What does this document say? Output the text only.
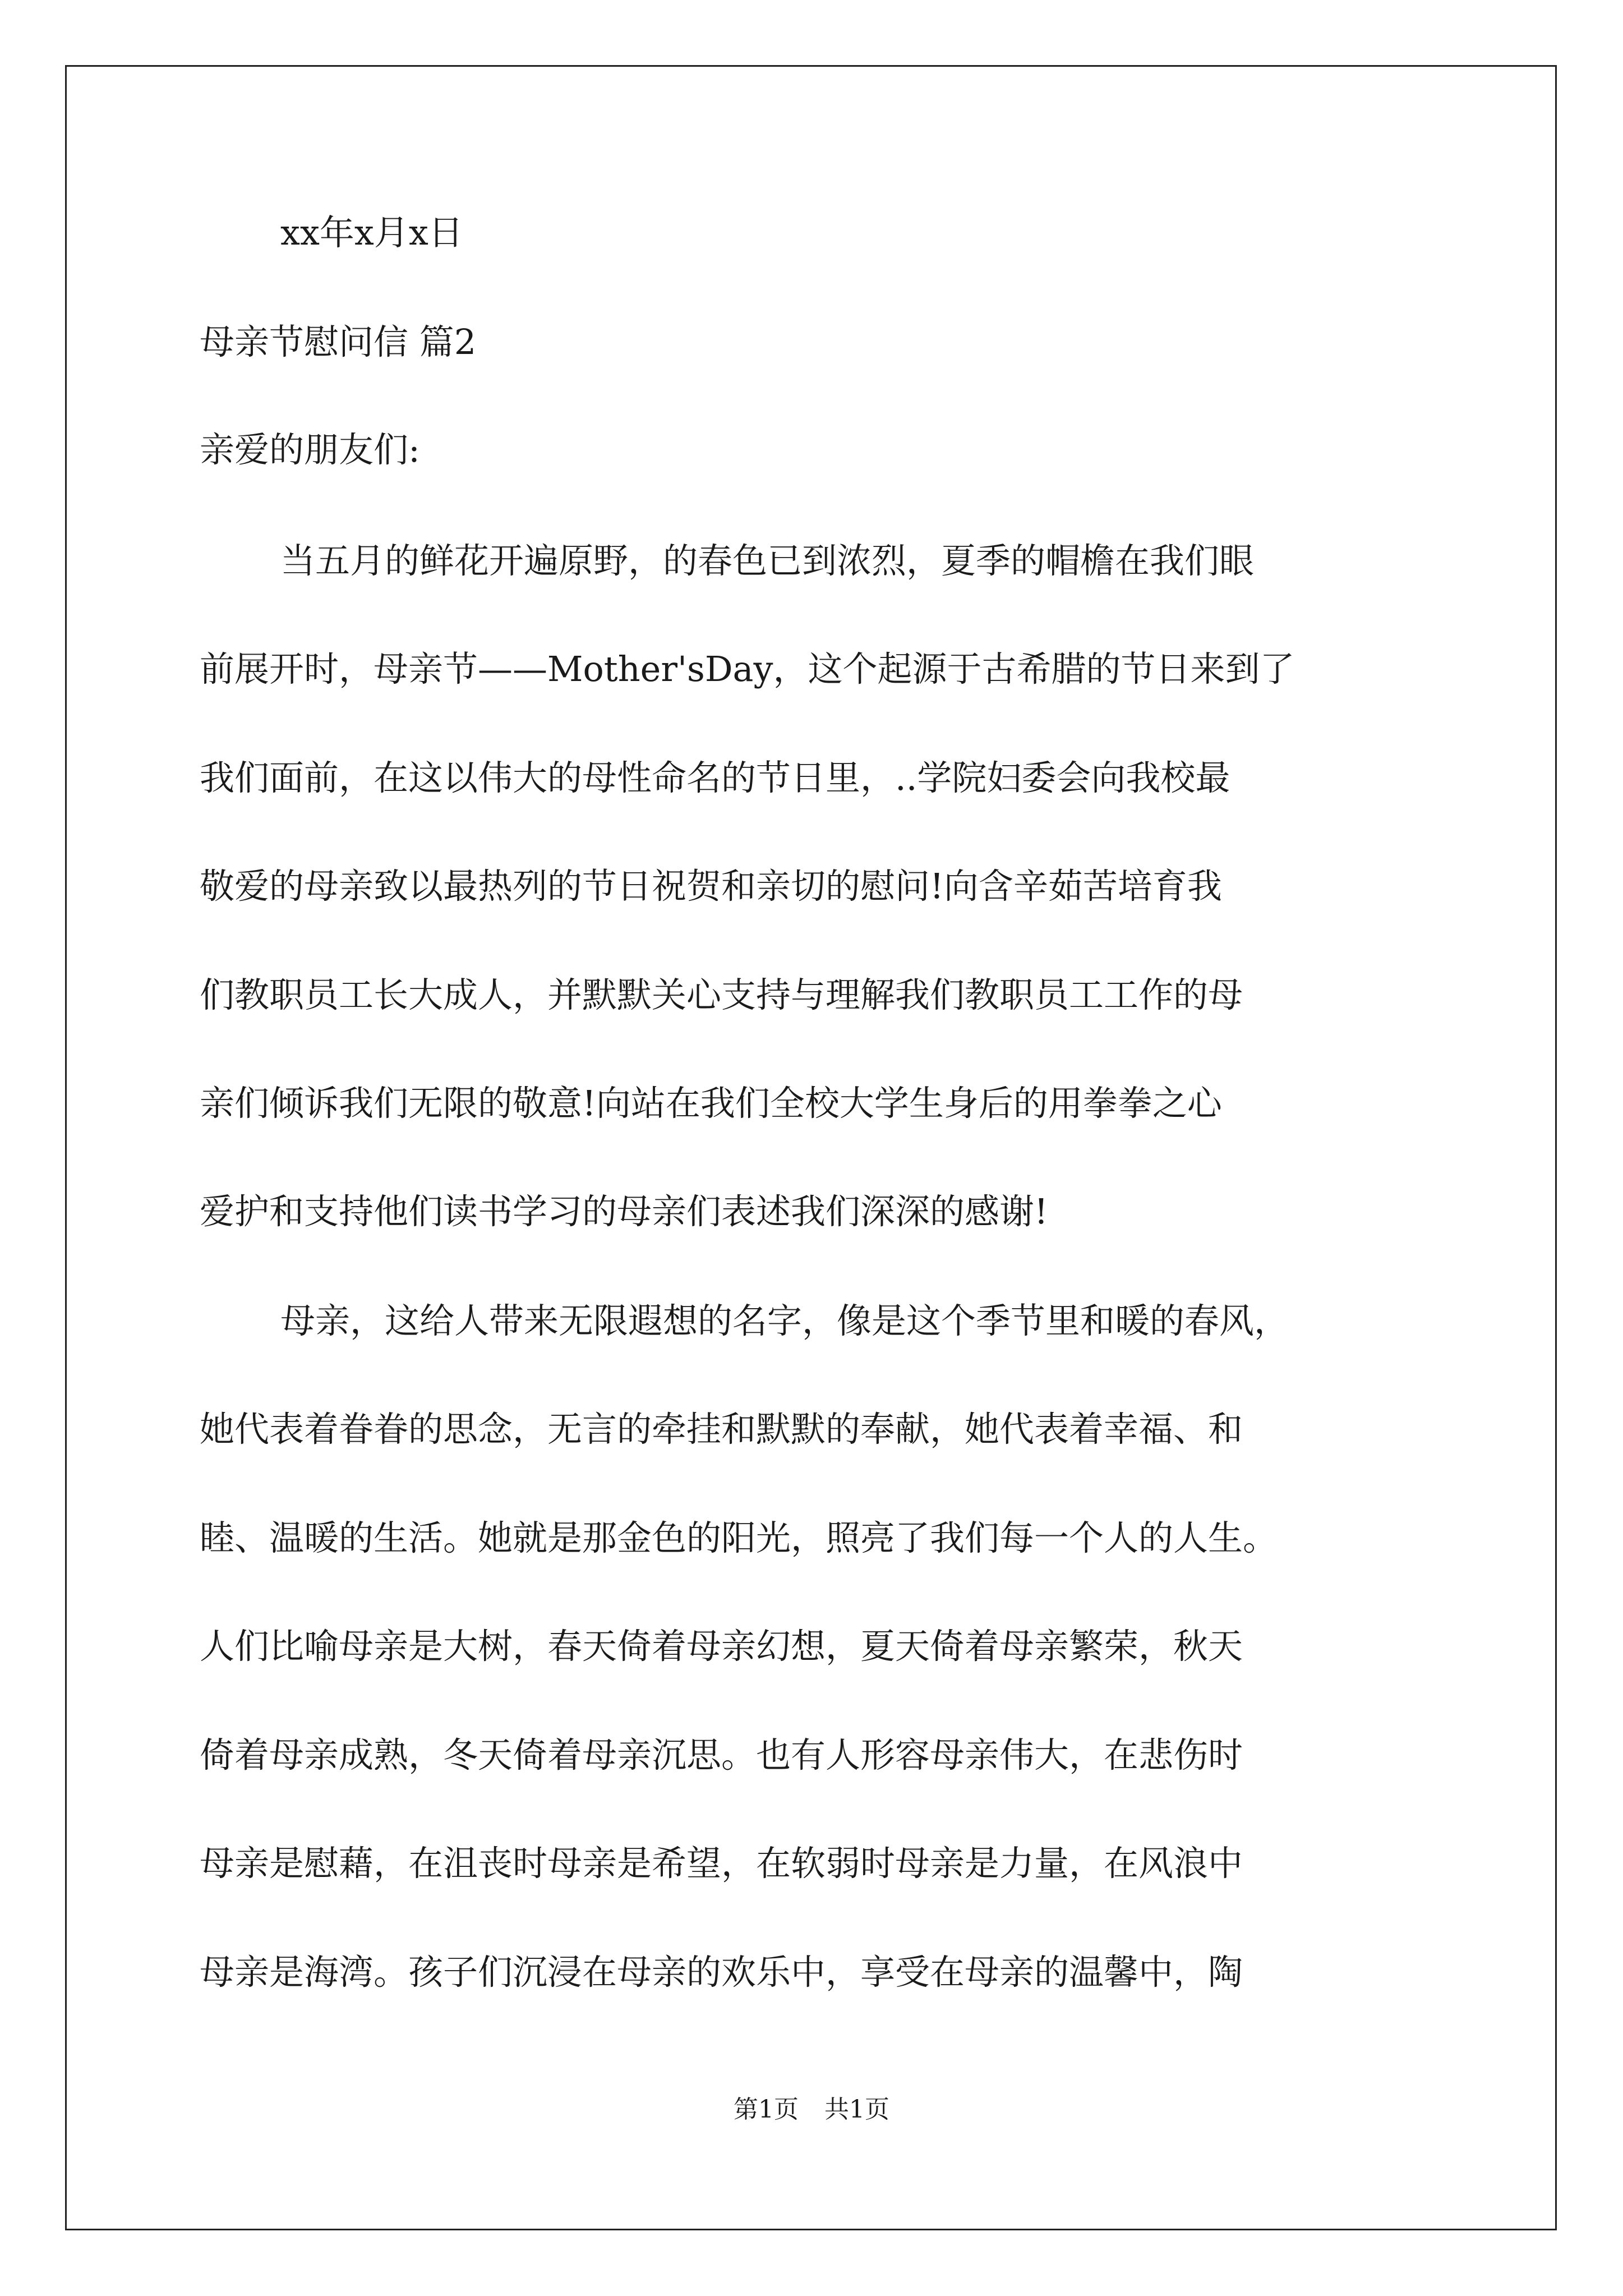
xx年x月x日
母亲节慰问信 篇2
亲爱的朋友们:
当五月的鲜花开遍原野，的春色已到浓烈，夏季的帽檐在我们眼
前展开时，母亲节——Mother'sDay，这个起源于古希腊的节日来到了
我们面前，在这以伟大的母性命名的节日里，..学院妇委会向我校最
敬爱的母亲致以最热列的节日祝贺和亲切的慰问!向含辛茹苦培育我
们教职员工长大成人，并默默关心支持与理解我们教职员工工作的母
亲们倾诉我们无限的敬意!向站在我们全校大学生身后的用拳拳之心
爱护和支持他们读书学习的母亲们表述我们深深的感谢!
母亲，这给人带来无限遐想的名字，像是这个季节里和暖的春风，
她代表着眷眷的思念，无言的牵挂和默默的奉献，她代表着幸福、和
睦、温暖的生活。她就是那金色的阳光，照亮了我们每一个人的人生。
人们比喻母亲是大树，春天倚着母亲幻想，夏天倚着母亲繁荣，秋天
倚着母亲成熟，冬天倚着母亲沉思。也有人形容母亲伟大，在悲伤时
母亲是慰藉，在沮丧时母亲是希望，在软弱时母亲是力量，在风浪中
母亲是海湾。孩子们沉浸在母亲的欢乐中，享受在母亲的温馨中，陶
第1页 共1页
